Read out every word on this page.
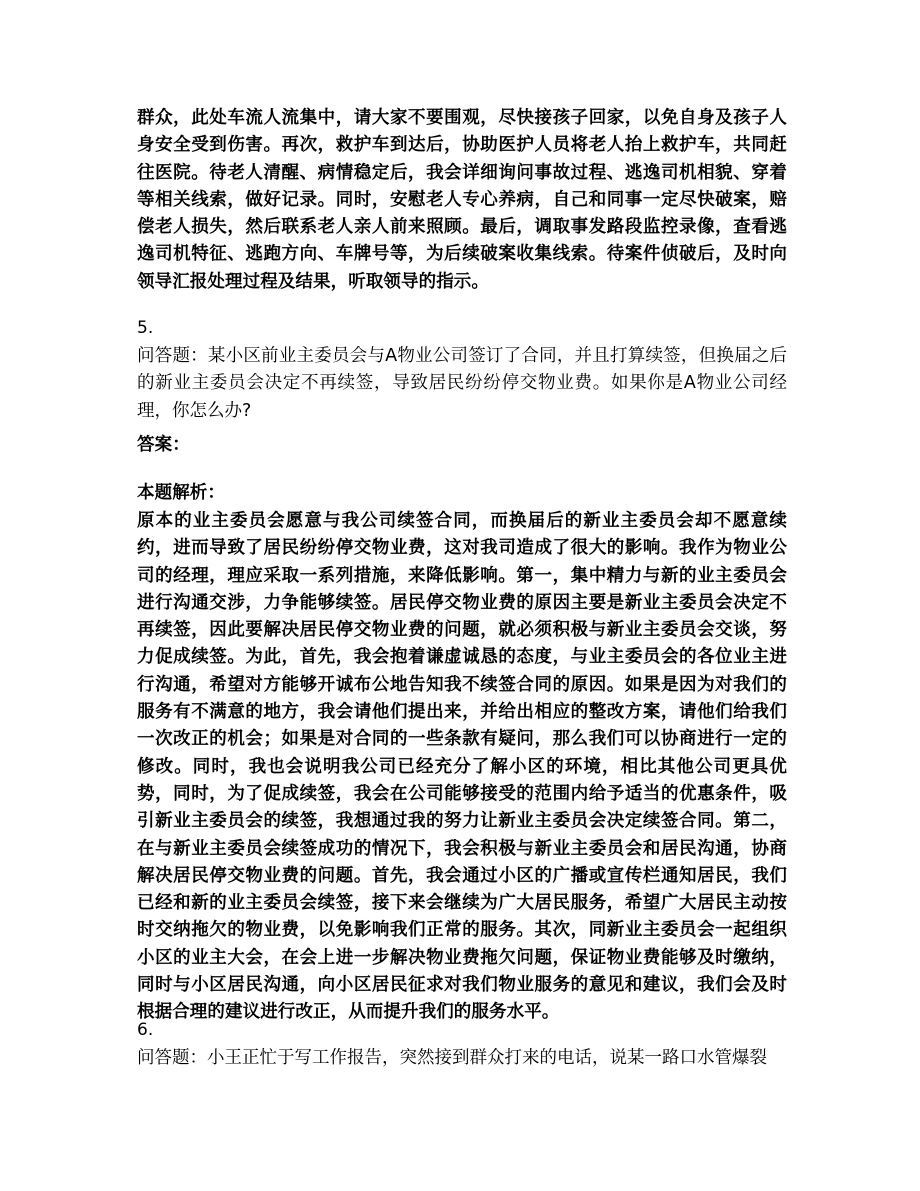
群众，此处车流人流集中，请大家不要围观，尽快接孩子回家，以免自身及孩子人身安全受到伤害。再次，救护车到达后，协助医护人员将老人抬上救护车，共同赶往医院。待老人清醒、病情稳定后，我会详细询问事故过程、逃逸司机相貌、穿着等相关线索，做好记录。同时，安慰老人专心养病，自己和同事一定尽快破案，赔偿老人损失，然后联系老人亲人前来照顾。最后，调取事发路段监控录像，查看逃逸司机特征、逃跑方向、车牌号等，为后续破案收集线索。待案件侦破后，及时向领导汇报处理过程及结果，听取领导的指示。

5.

问答题：某小区前业主委员会与A物业公司签订了合同，并且打算续签，但换届之后的新业主委员会决定不再续签，导致居民纷纷停交物业费。如果你是A物业公司经理，你怎么办?

答案：
本题解析：

原本的业主委员会愿意与我公司续签合同，而换届后的新业主委员会却不愿意续约，进而导致了居民纷纷停交物业费，这对我司造成了很大的影响。我作为物业公司的经理，理应采取一系列措施，来降低影响。第一，集中精力与新的业主委员会进行沟通交涉，力争能够续签。居民停交物业费的原因主要是新业主委员会决定不再续签，因此要解决居民停交物业费的问题，就必须积极与新业主委员会交谈，努力促成续签。为此，首先，我会抱着谦虚诚恳的态度，与业主委员会的各位业主进行沟通，希望对方能够开诚布公地告知我不续签合同的原因。如果是因为对我们的服务有不满意的地方，我会请他们提出来，并给出相应的整改方案，请他们给我们一次改正的机会；如果是对合同的一些条款有疑问，那么我们可以协商进行一定的修改。同时，我也会说明我公司已经充分了解小区的环境，相比其他公司更具优势，同时，为了促成续签，我会在公司能够接受的范围内给予适当的优惠条件，吸引新业主委员会的续签，我想通过我的努力让新业主委员会决定续签合同。第二，在与新业主委员会续签成功的情况下，我会积极与新业主委员会和居民沟通，协商解决居民停交物业费的问题。首先，我会通过小区的广播或宣传栏通知居民，我们已经和新的业主委员会续签，接下来会继续为广大居民服务，希望广大居民主动按时交纳拖欠的物业费，以免影响我们正常的服务。其次，同新业主委员会一起组织小区的业主大会，在会上进一步解决物业费拖欠问题，保证物业费能够及时缴纳，同时与小区居民沟通，向小区居民征求对我们物业服务的意见和建议，我们会及时根据合理的建议进行改正，从而提升我们的服务水平。

6.

问答题：小王正忙于写工作报告，突然接到群众打来的电话，说某一路口水管爆裂
